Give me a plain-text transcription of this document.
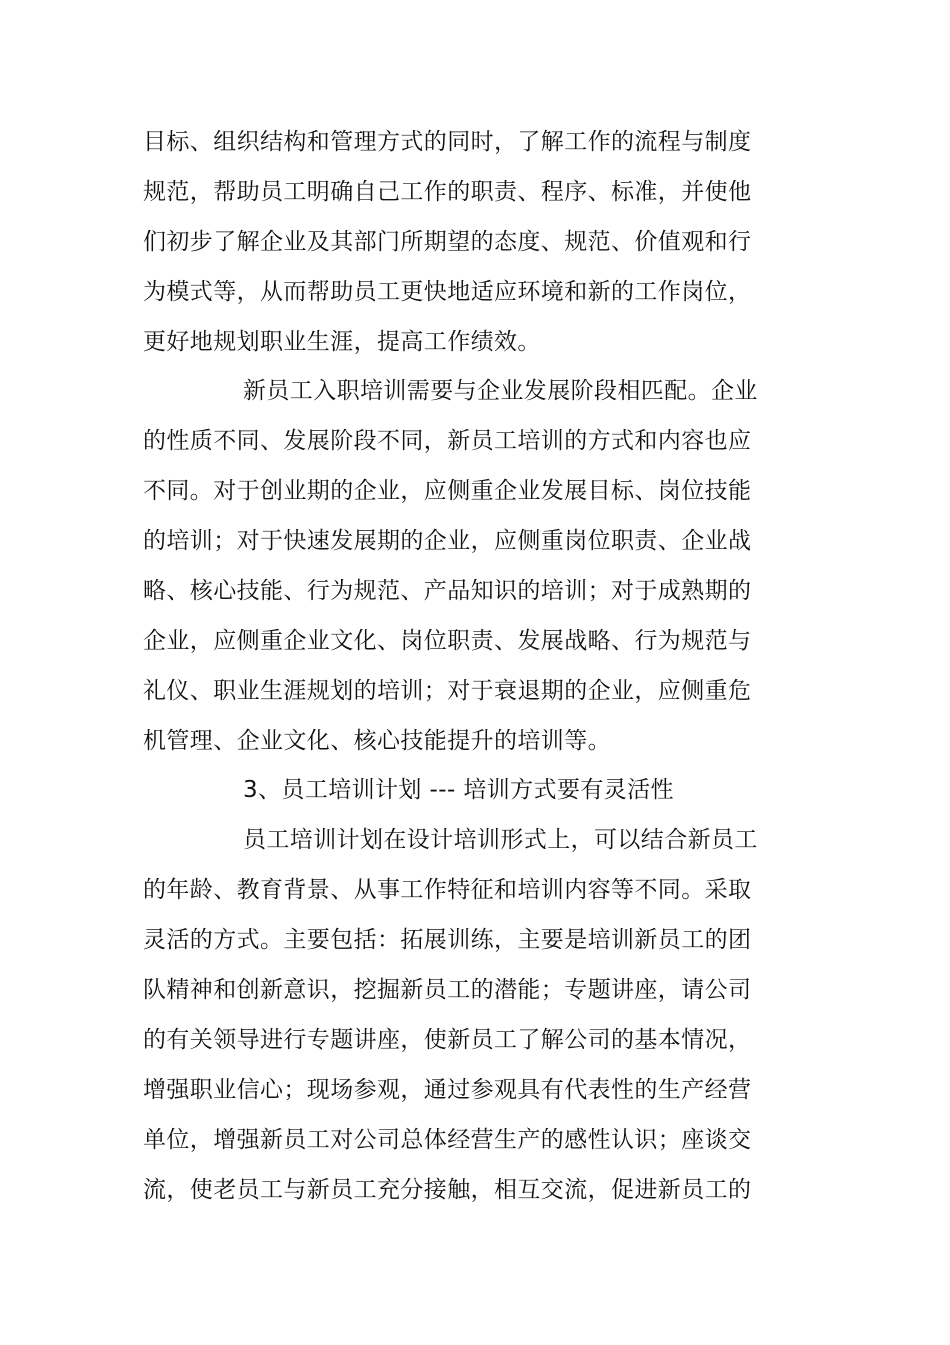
目标、组织结构和管理方式的同时，了解工作的流程与制度
规范，帮助员工明确自己工作的职责、程序、标准，并使他
们初步了解企业及其部门所期望的态度、规范、价值观和行
为模式等，从而帮助员工更快地适应环境和新的工作岗位，
更好地规划职业生涯，提高工作绩效。
新员工入职培训需要与企业发展阶段相匹配。企业
的性质不同、发展阶段不同，新员工培训的方式和内容也应
不同。对于创业期的企业，应侧重企业发展目标、岗位技能
的培训；对于快速发展期的企业，应侧重岗位职责、企业战
略、核心技能、行为规范、产品知识的培训；对于成熟期的
企业，应侧重企业文化、岗位职责、发展战略、行为规范与
礼仪、职业生涯规划的培训；对于衰退期的企业，应侧重危
机管理、企业文化、核心技能提升的培训等。
3、员工培训计划 --- 培训方式要有灵活性
员工培训计划在设计培训形式上，可以结合新员工
的年龄、教育背景、从事工作特征和培训内容等不同。采取
灵活的方式。主要包括：拓展训练，主要是培训新员工的团
队精神和创新意识，挖掘新员工的潜能；专题讲座，请公司
的有关领导进行专题讲座，使新员工了解公司的基本情况，
增强职业信心；现场参观，通过参观具有代表性的生产经营
单位，增强新员工对公司总体经营生产的感性认识；座谈交
流，使老员工与新员工充分接触，相互交流，促进新员工的
